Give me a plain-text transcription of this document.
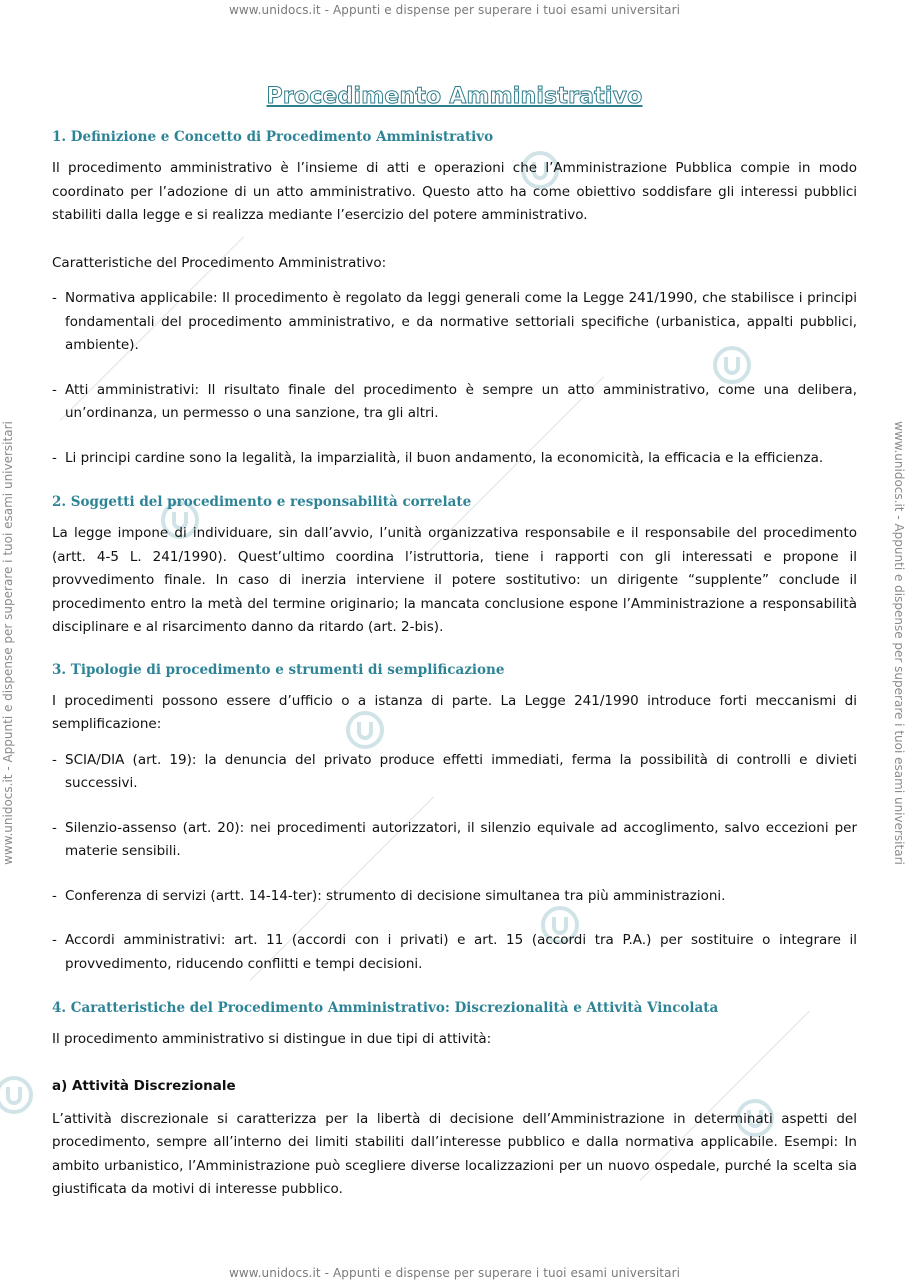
www.unidocs.it - Appunti e dispense per superare i tuoi esami universitari
www.unidocs.it - Appunti e dispense per superare i tuoi esami universitari
www.unidocs.it - Appunti e dispense per superare i tuoi esami universitari	www.unidocs.it - Appunti e dispense per superare i tuoi esami universitari
Procedimento Amministrativo
1. Definizione e Concetto di Procedimento Amministrativo

Il procedimento amministrativo è l’insieme di atti e operazioni che l’Amministrazione Pubblica compie in modo coordinato per l’adozione di un atto amministrativo. Questo atto ha come obiettivo soddisfare gli interessi pubblici stabiliti dalla legge e si realizza mediante l’esercizio del potere amministrativo.

Caratteristiche del Procedimento Amministrativo:

- Normativa applicabile: Il procedimento è regolato da leggi generali come la Legge 241/1990, che stabilisce i principi fondamentali del procedimento amministrativo, e da normative settoriali specifiche (urbanistica, appalti pubblici, ambiente).

- Atti amministrativi: Il risultato finale del procedimento è sempre un atto amministrativo, come una delibera, un’ordinanza, un permesso o una sanzione, tra gli altri.

- Li principi cardine sono la legalità, la imparzialità, il buon andamento, la economicità, la efficacia e la efficienza.

2. Soggetti del procedimento e responsabilità correlate

La legge impone di individuare, sin dall’avvio, l’unità organizzativa responsabile e il responsabile del procedimento (artt. 4-5 L. 241/1990). Quest’ultimo coordina l’istruttoria, tiene i rapporti con gli interessati e propone il provvedimento finale. In caso di inerzia interviene il potere sostitutivo: un dirigente “supplente” conclude il procedimento entro la metà del termine originario; la mancata conclusione espone l’Amministrazione a responsabilità disciplinare e al risarcimento danno da ritardo (art. 2-bis).

3. Tipologie di procedimento e strumenti di semplificazione

I procedimenti possono essere d’ufficio o a istanza di parte. La Legge 241/1990 introduce forti meccanismi di semplificazione:

- SCIA/DIA (art. 19): la denuncia del privato produce effetti immediati, ferma la possibilità di controlli e divieti successivi.

- Silenzio-assenso (art. 20): nei procedimenti autorizzatori, il silenzio equivale ad accoglimento, salvo eccezioni per materie sensibili.

- Conferenza di servizi (artt. 14-14-ter): strumento di decisione simultanea tra più amministrazioni.

- Accordi amministrativi: art. 11 (accordi con i privati) e art. 15 (accordi tra P.A.) per sostituire o integrare il provvedimento, riducendo conflitti e tempi decisioni.

4. Caratteristiche del Procedimento Amministrativo: Discrezionalità e Attività Vincolata

Il procedimento amministrativo si distingue in due tipi di attività:

a) Attività Discrezionale

L’attività discrezionale si caratterizza per la libertà di decisione dell’Amministrazione in determinati aspetti del procedimento, sempre all’interno dei limiti stabiliti dall’interesse pubblico e dalla normativa applicabile. Esempi: In ambito urbanistico, l’Amministrazione può scegliere diverse localizzazioni per un nuovo ospedale, purché la scelta sia giustificata da motivi di interesse pubblico.
